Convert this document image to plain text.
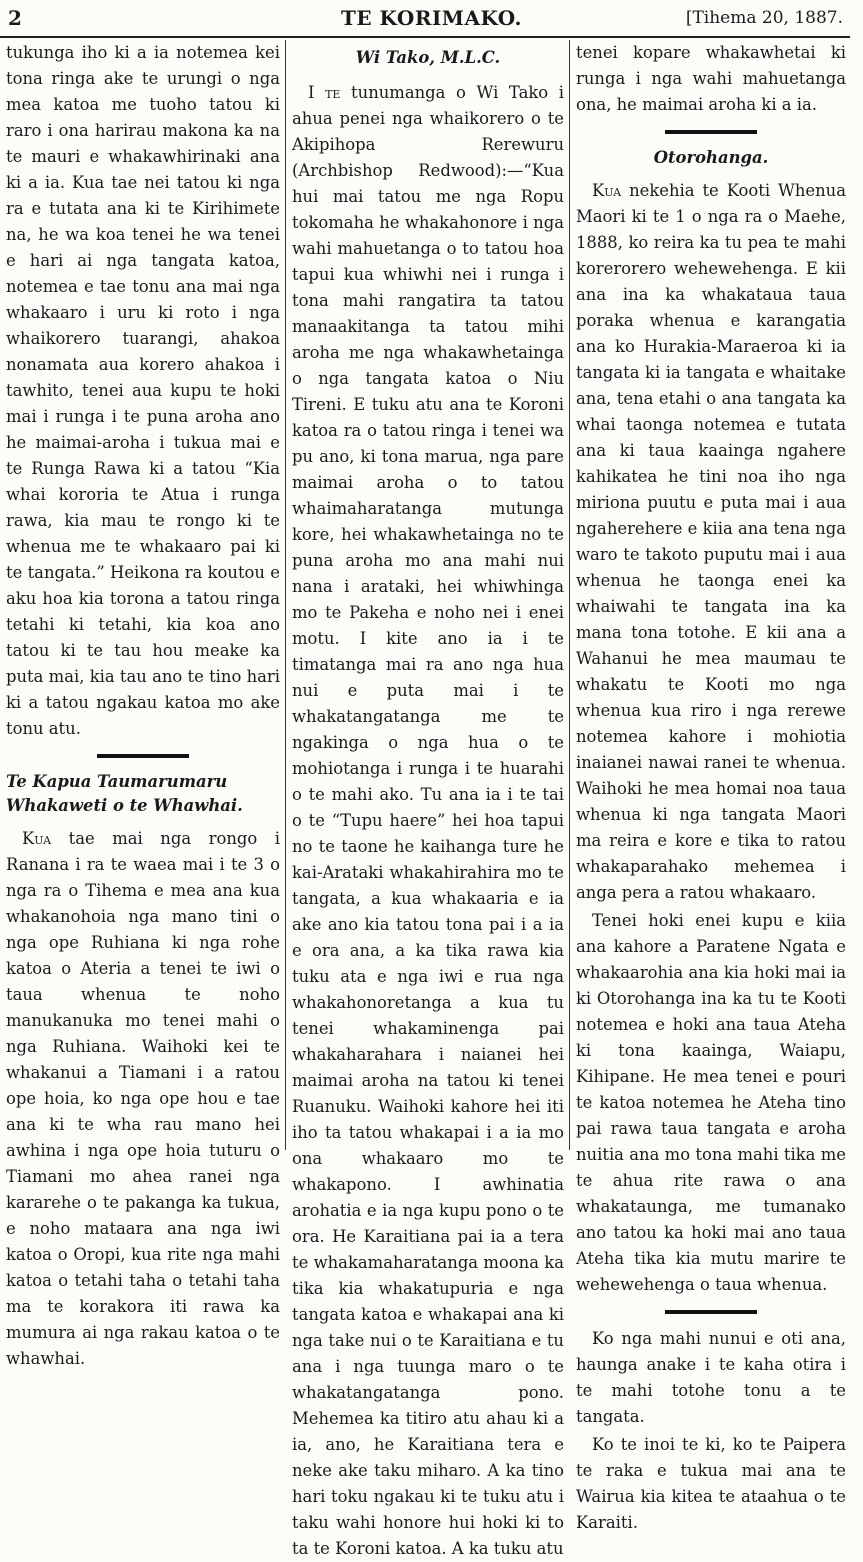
2	TE KORIMAKO.	[Tihema 20, 1887.

tukunga iho ki a ia notemea kei tona ringa ake te urungi o nga mea katoa me tuoho tatou ki raro i ona harirau makona ka na te mauri e whakawhirinaki ana ki a ia. Kua tae nei tatou ki nga ra e tutata ana ki te Kirihimete na, he wa koa tenei he wa tenei e hari ai nga tangata katoa, notemea e tae tonu ana mai nga whakaaro i uru ki roto i nga whaikorero tuarangi, ahakoa nonamata aua korero ahakoa i tawhito, tenei aua kupu te hoki mai i runga i te puna aroha ano he maimai-aroha i tukua mai e te Runga Rawa ki a tatou “Kia whai kororia te Atua i runga rawa, kia mau te rongo ki te whenua me te whakaaro pai ki te tangata.” Heikona ra koutou e aku hoa kia torona a tatou ringa tetahi ki tetahi, kia koa ano tatou ki te tau hou meake ka puta mai, kia tau ano te tino hari ki a tatou ngakau katoa mo ake tonu atu.

Te Kapua Taumarumaru
Whakaweti o te Whawhai.

Kua tae mai nga rongo i Ranana i ra te waea mai i te 3 o nga ra o Tihema e mea ana kua whakanohoia nga mano tini o nga ope Ruhiana ki nga rohe katoa o Ateria a tenei te iwi o taua whenua te noho manukanuka mo tenei mahi o nga Ruhiana. Waihoki kei te whakanui a Tiamani i a ratou ope hoia, ko nga ope hou e tae ana ki te wha rau mano hei awhina i nga ope hoia tuturu o Tiamani mo ahea ranei nga kararehe o te pakanga ka tukua, e noho mataara ana nga iwi katoa o Oropi, kua rite nga mahi katoa o tetahi taha o tetahi taha ma te korakora iti rawa ka mumura ai nga rakau katoa o te whawhai.

Wi Tako, M.L.C.

I te tunumanga o Wi Tako i ahua penei nga whaikorero o te Akipihopa Rerewuru (Archbishop Redwood):—“Kua hui mai tatou me nga Ropu tokomaha he whakahonore i nga wahi mahuetanga o to tatou hoa tapui kua whiwhi nei i runga i tona mahi rangatira ta tatou manaakitanga ta tatou mihi aroha me nga whakawhetainga o nga tangata katoa o Niu Tireni. E tuku atu ana te Koroni katoa ra o tatou ringa i tenei wa pu ano, ki tona marua, nga pare maimai aroha o to tatou whaimaharatanga mutunga kore, hei whakawhetainga no te puna aroha mo ana mahi nui nana i arataki, hei whiwhinga mo te Pakeha e noho nei i enei motu. I kite ano ia i te timatanga mai ra ano nga hua nui e puta mai i te whakatangatanga me te ngakinga o nga hua o te mohiotanga i runga i te huarahi o te mahi ako. Tu ana ia i te tai o te “Tupu haere” hei hoa tapui no te taone he kaihanga ture he kai-Arataki whakahirahira mo te tangata, a kua whakaaria e ia ake ano kia tatou tona pai i a ia e ora ana, a ka tika rawa kia tuku ata e nga iwi e rua nga whakahonoretanga a kua tu tenei whakaminenga pai whakaharahara i naianei hei maimai aroha na tatou ki tenei Ruanuku. Waihoki kahore hei iti iho ta tatou whakapai i a ia mo ona whakaaro mo te whakapono. I awhinatia arohatia e ia nga kupu pono o te ora. He Karaitiana pai ia a tera te whakamaharatanga moona ka tika kia whakatupuria e nga tangata katoa e whakapai ana ki nga take nui o te Karaitiana e tu ana i nga tuunga maro o te whakatangatanga pono. Mehemea ka titiro atu ahau ki a ia, ano, he Karaitiana tera e neke ake taku miharo. A ka tino hari toku ngakau ki te tuku atu i taku wahi honore hui hoki ki to ta te Koroni katoa. A ka tuku atu

tenei kopare whakawhetai ki runga i nga wahi mahuetanga ona, he maimai aroha ki a ia.

Otorohanga.

Kua nekehia te Kooti Whenua Maori ki te 1 o nga ra o Maehe, 1888, ko reira ka tu pea te mahi korerorero wehewehenga. E kii ana ina ka whakataua taua poraka whenua e karangatia ana ko Hurakia-Maraeroa ki ia tangata ki ia tangata e whaitake ana, tena etahi o ana tangata ka whai taonga notemea e tutata ana ki taua kaainga ngahere kahikatea he tini noa iho nga miriona puutu e puta mai i aua ngaherehere e kiia ana tena nga waro te takoto puputu mai i aua whenua he taonga enei ka whaiwahi te tangata ina ka mana tona totohe. E kii ana a Wahanui he mea maumau te whakatu te Kooti mo nga whenua kua riro i nga rerewe notemea kahore i mohiotia inaianei nawai ranei te whenua. Waihoki he mea homai noa taua whenua ki nga tangata Maori ma reira e kore e tika to ratou whakaparahako mehemea i anga pera a ratou whakaaro.

Tenei hoki enei kupu e kiia ana kahore a Paratene Ngata e whakaarohia ana kia hoki mai ia ki Otorohanga ina ka tu te Kooti notemea e hoki ana taua Ateha ki tona kaainga, Waiapu, Kihipane. He mea tenei e pouri te katoa notemea he Ateha tino pai rawa taua tangata e aroha nuitia ana mo tona mahi tika me te ahua rite rawa o ana whakataunga, me tumanako ano tatou ka hoki mai ano taua Ateha tika kia mutu marire te wehewehenga o taua whenua.

Ko nga mahi nunui e oti ana, haunga anake i te kaha otira i te mahi totohe tonu a te tangata.

Ko te inoi te ki, ko te Paipera te raka e tukua mai ana te Wairua kia kitea te ataahua o te Karaiti.
